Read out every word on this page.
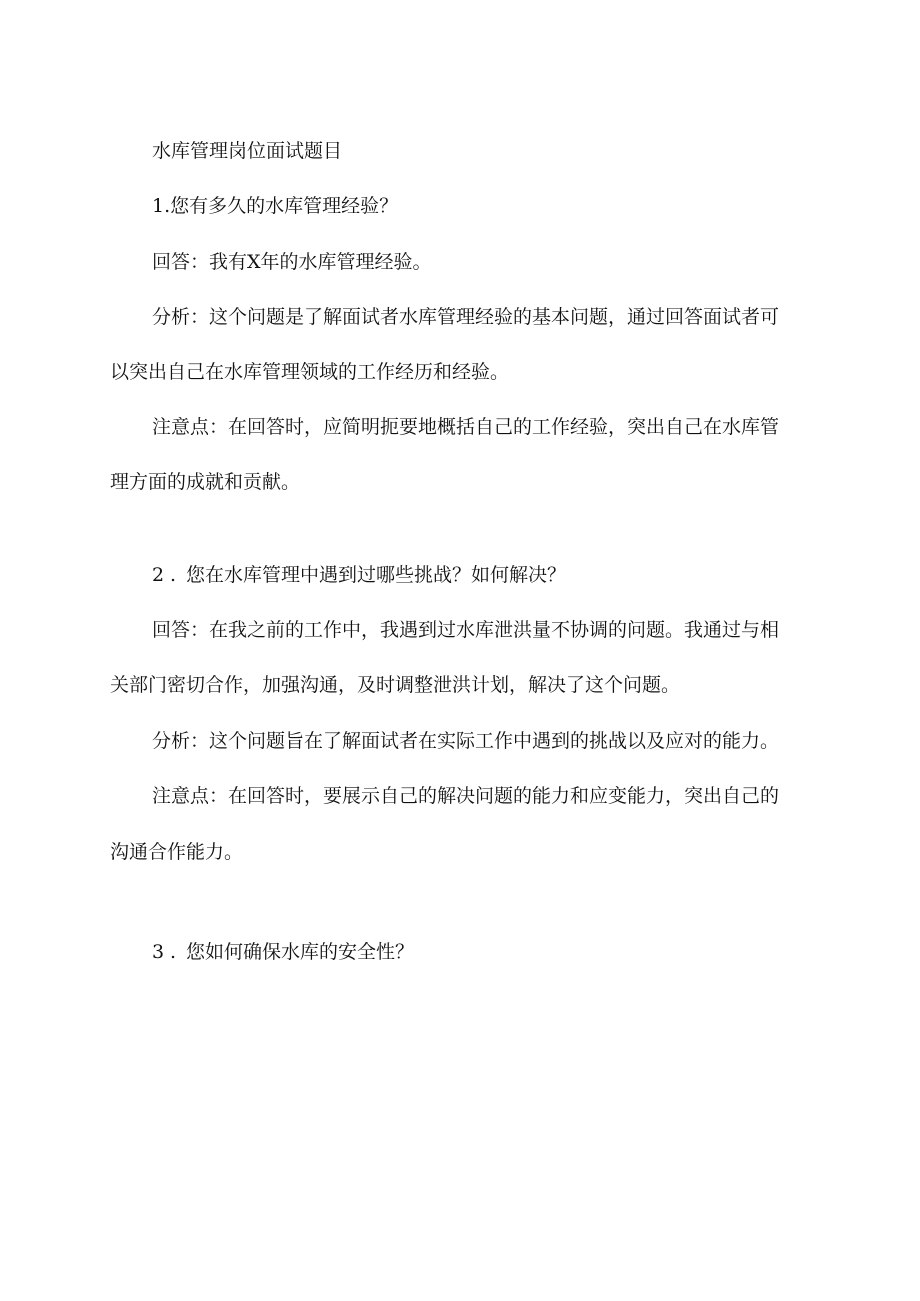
水库管理岗位面试题目

1.您有多久的水库管理经验？

回答：我有X年的水库管理经验。

分析：这个问题是了解面试者水库管理经验的基本问题，通过回答面试者可

以突出自己在水库管理领域的工作经历和经验。

注意点：在回答时，应简明扼要地概括自己的工作经验，突出自己在水库管

理方面的成就和贡献。

2 . 您在水库管理中遇到过哪些挑战？如何解决？

回答：在我之前的工作中，我遇到过水库泄洪量不协调的问题。我通过与相

关部门密切合作，加强沟通，及时调整泄洪计划，解决了这个问题。

分析：这个问题旨在了解面试者在实际工作中遇到的挑战以及应对的能力。

注意点：在回答时，要展示自己的解决问题的能力和应变能力，突出自己的

沟通合作能力。

3 . 您如何确保水库的安全性？
